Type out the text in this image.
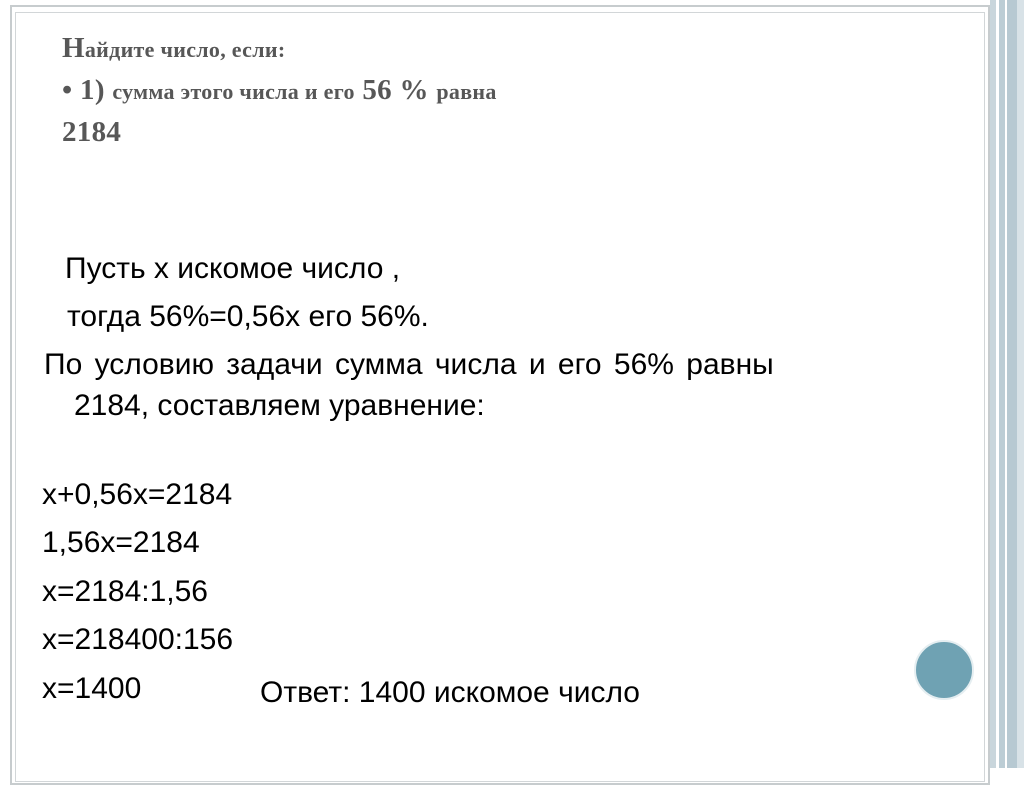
Найдите число, если:
• 1) сумма этого числа и его 56 % равна
2184
Пусть х искомое число ,
тогда 56%=0,56х его 56%.
По условию задачи сумма числа и его 56% равны
2184, составляем уравнение:
х+0,56х=2184
1,56х=2184
х=2184:1,56
х=218400:156
х=1400	Ответ: 1400 искомое число
